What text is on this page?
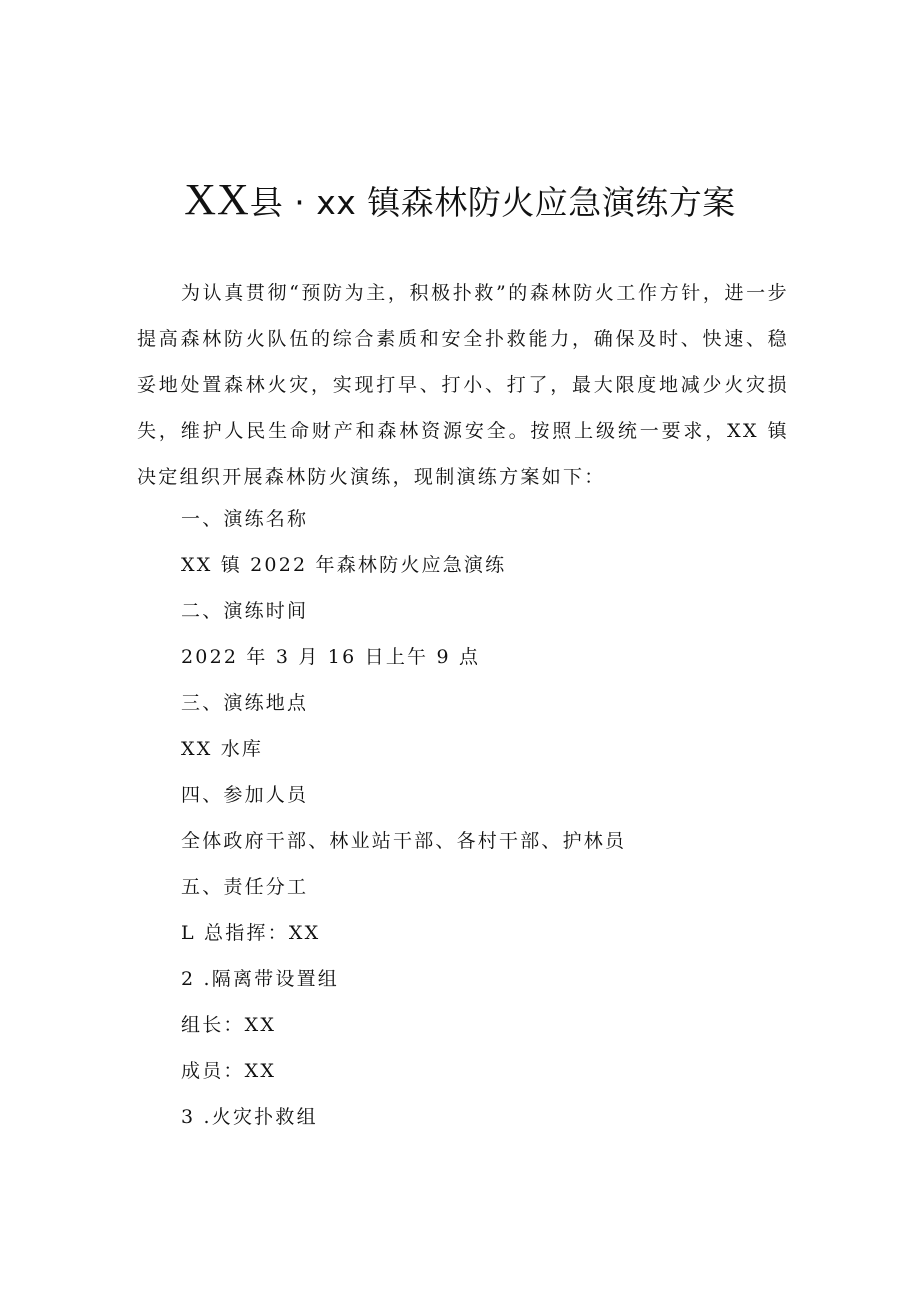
XX县 · xx 镇森林防火应急演练方案

为认真贯彻“预防为主，积极扑救”的森林防火工作方针，进一步提高森林防火队伍的综合素质和安全扑救能力，确保及时、快速、稳妥地处置森林火灾，实现打早、打小、打了，最大限度地减少火灾损失，维护人民生命财产和森林资源安全。按照上级统一要求，XX 镇决定组织开展森林防火演练，现制演练方案如下：

一、演练名称

XX 镇 2022 年森林防火应急演练

二、演练时间

2022 年 3 月 16 日上午 9 点

三、演练地点

XX 水库

四、参加人员

全体政府干部、林业站干部、各村干部、护林员

五、责任分工

L 总指挥：XX

2 .隔离带设置组

组长：XX

成员：XX

3 .火灾扑救组
